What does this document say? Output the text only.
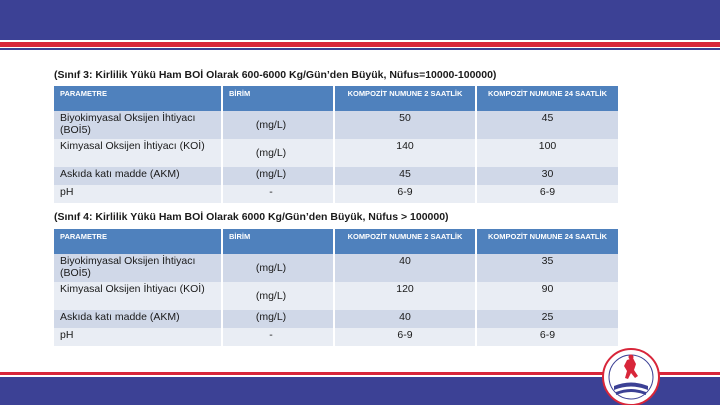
(Sınıf 3: Kirlilik Yükü Ham BOİ Olarak 600-6000 Kg/Gün’den Büyük, Nüfus=10000-100000)
PARAMETRE	BİRİM	KOMPOZİT NUMUNE 2 SAATLİK	KOMPOZİT NUMUNE 24 SAATLİK
Biyokimyasal Oksijen İhtiyacı (BOİ5)	(mg/L)	50	45
Kimyasal Oksijen İhtiyacı (KOİ)	(mg/L)	140	100
Askıda katı madde (AKM)	(mg/L)	45	30
pH	-	6-9	6-9
(Sınıf 4: Kirlilik Yükü Ham BOİ Olarak 6000 Kg/Gün’den Büyük, Nüfus > 100000)
PARAMETRE	BİRİM	KOMPOZİT NUMUNE 2 SAATLİK	KOMPOZİT NUMUNE 24 SAATLİK
Biyokimyasal Oksijen İhtiyacı (BOİ5)	(mg/L)	40	35
Kimyasal Oksijen İhtiyacı (KOİ)	(mg/L)	120	90
Askıda katı madde (AKM)	(mg/L)	40	25
pH	-	6-9	6-9
